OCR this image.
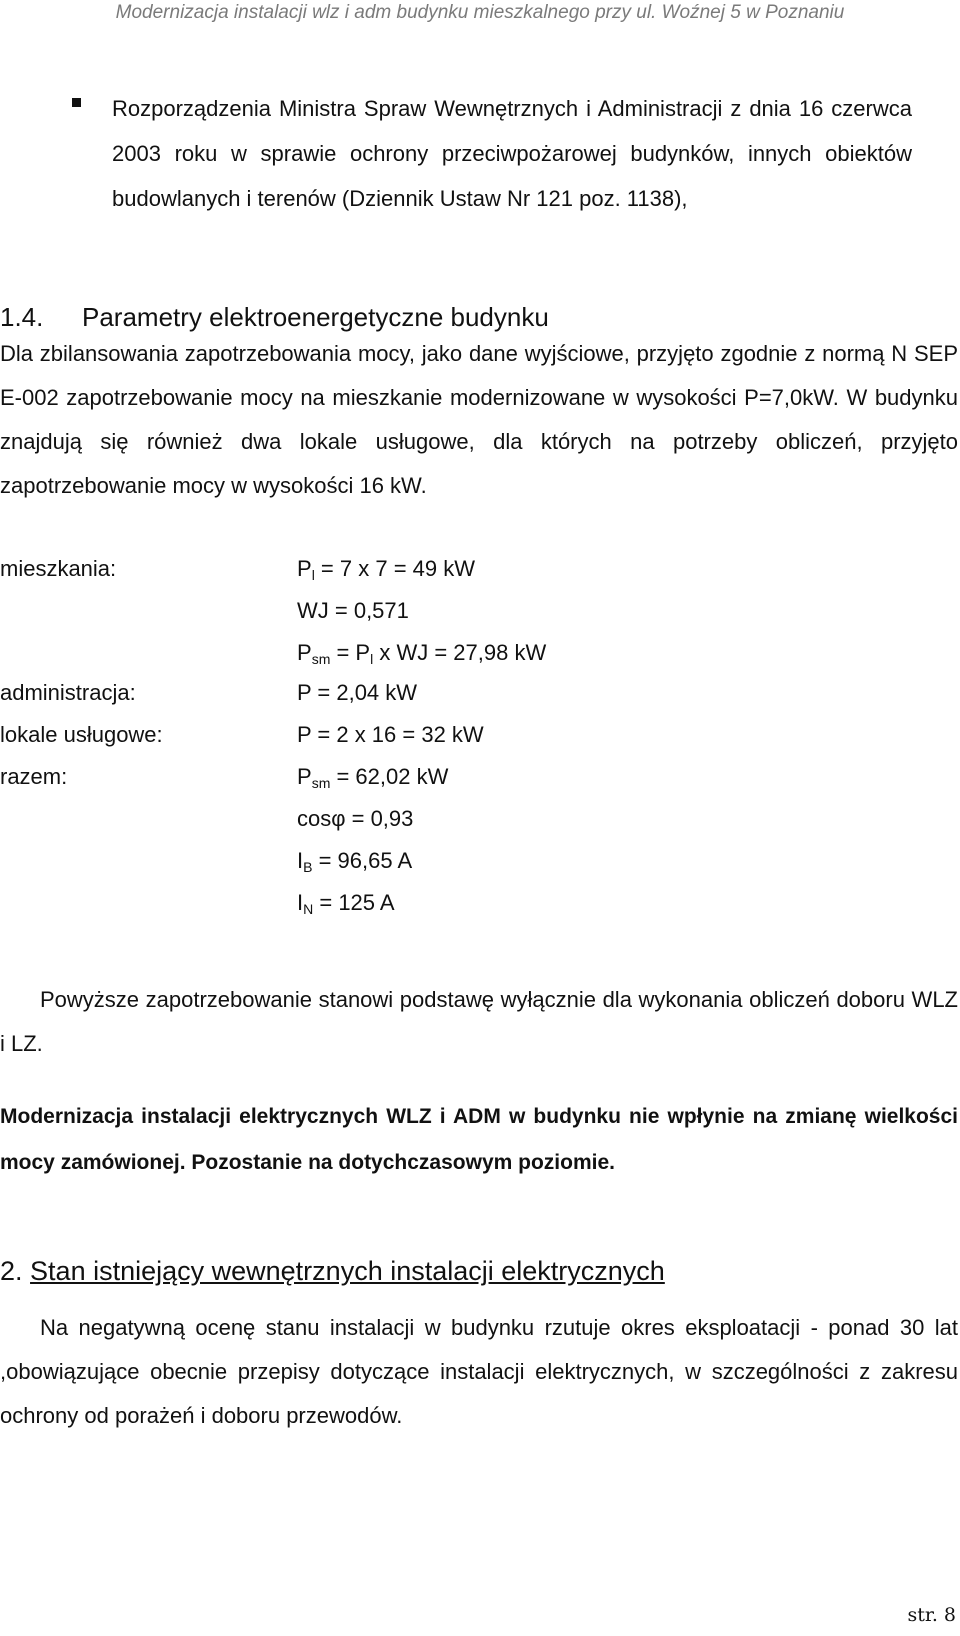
Modernizacja instalacji wlz i adm budynku mieszkalnego przy ul. Woźnej 5 w Poznaniu
Rozporządzenia Ministra Spraw Wewnętrznych i Administracji z dnia 16 czerwca 2003 roku w sprawie ochrony przeciwpożarowej budynków, innych obiektów budowlanych i terenów (Dziennik Ustaw Nr 121 poz. 1138),
1.4. Parametry elektroenergetyczne budynku
Dla zbilansowania zapotrzebowania mocy, jako dane wyjściowe, przyjęto zgodnie z normą N SEP E-002 zapotrzebowanie mocy na mieszkanie modernizowane w wysokości P=7,0kW. W budynku znajdują się również dwa lokale usługowe, dla których na potrzeby obliczeń, przyjęto zapotrzebowanie mocy w wysokości 16 kW.
mieszkania:
administracja:
lokale usługowe:
razem:
$P_l = 7$ x 7 = 49 kW
WJ = 0,571
$P_{sm} = P_l$ x WJ = 27,98 kW
P = 2,04 kW
P = 2 x 16 = 32 kW
$P_{sm} = 62,02$ kW
cosφ = 0,93
$I_B = 96,65$ A
$I_N = 125$ A
Powyższe zapotrzebowanie stanowi podstawę wyłącznie dla wykonania obliczeń doboru WLZ i LZ.
Modernizacja instalacji elektrycznych WLZ i ADM w budynku nie wpłynie na zmianę wielkości mocy zamówionej. Pozostanie na dotychczasowym poziomie.
2. Stan istniejący wewnętrznych instalacji elektrycznych
Na negatywną ocenę stanu instalacji w budynku rzutuje okres eksploatacji - ponad 30 lat ,obowiązujące obecnie przepisy dotyczące instalacji elektrycznych, w szczególności z zakresu ochrony od porażeń i doboru przewodów.
str. 8
